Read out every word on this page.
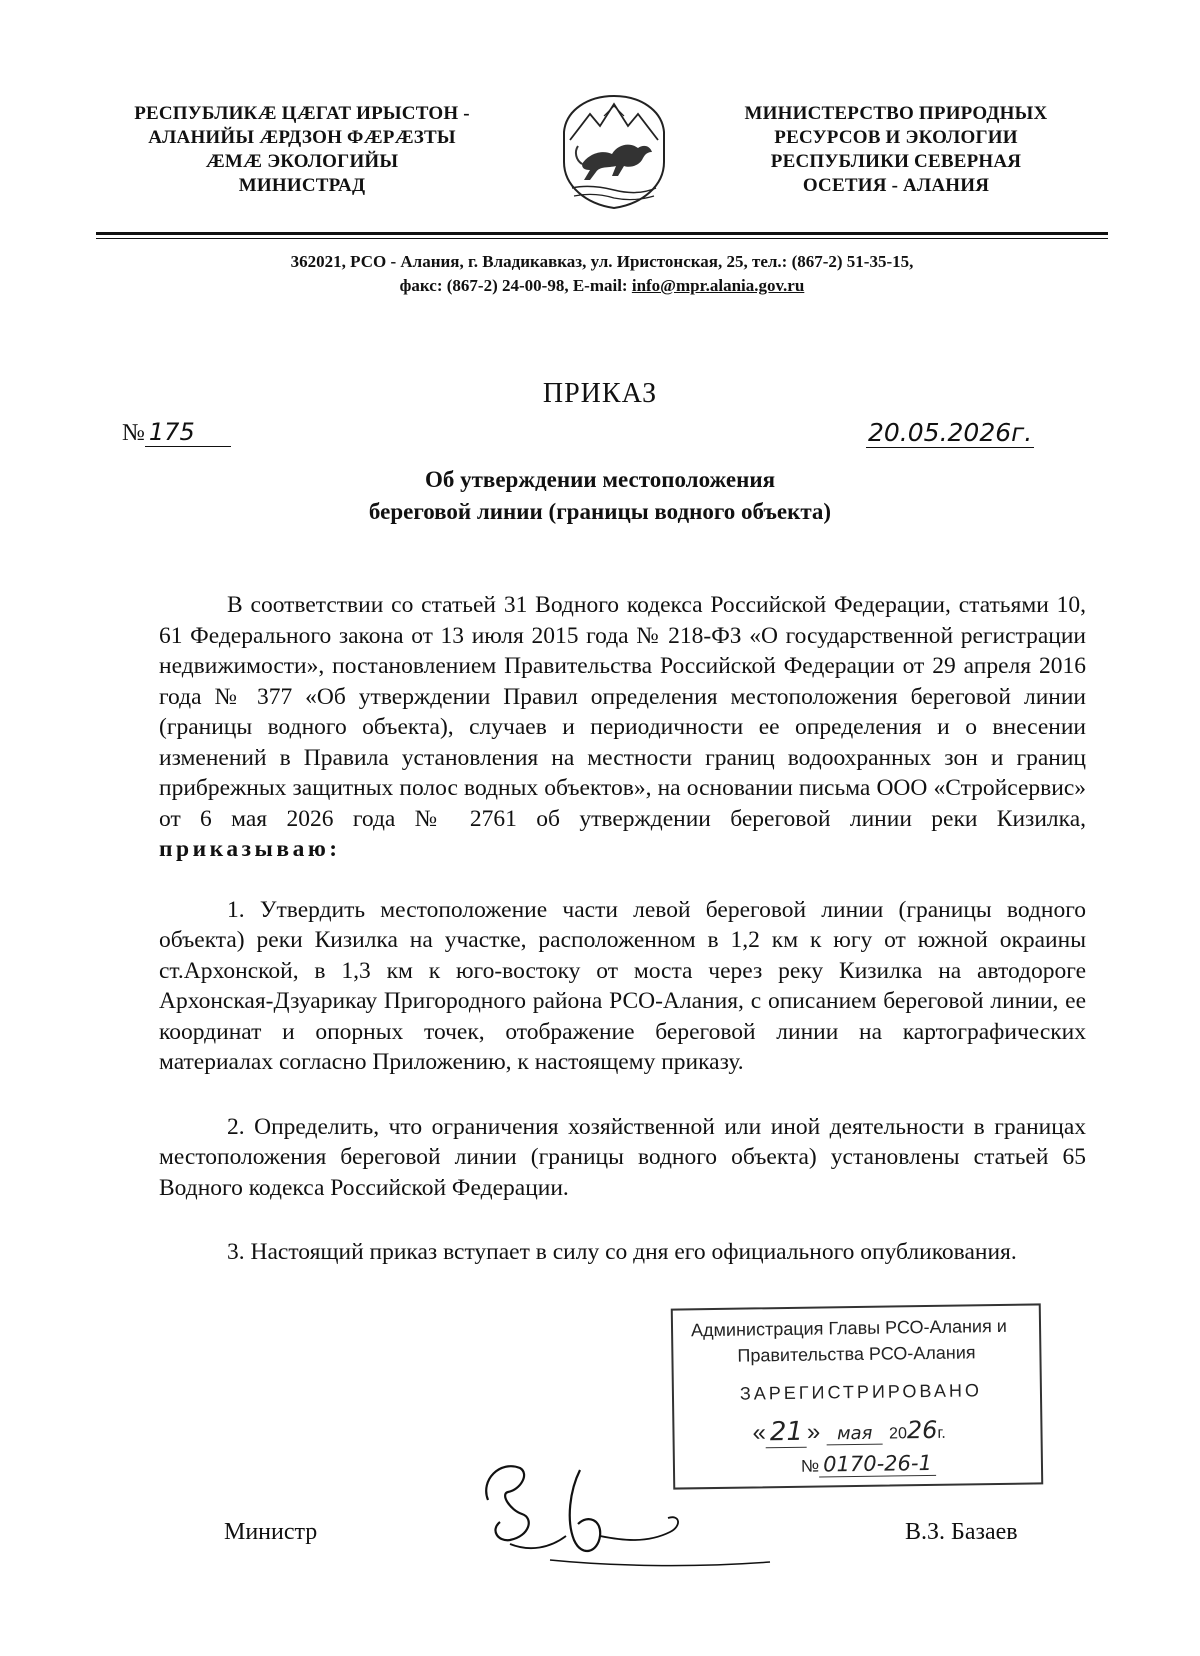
РЕСПУБЛИКÆ ЦÆГАТ ИРЫСТОН -
АЛАНИЙЫ ÆРДЗОН ФÆРÆЗТЫ
ÆМÆ ЭКОЛОГИЙЫ
МИНИСТРАД
МИНИСТЕРСТВО ПРИРОДНЫХ
РЕСУРСОВ И ЭКОЛОГИИ
РЕСПУБЛИКИ СЕВЕРНАЯ
ОСЕТИЯ - АЛАНИЯ
362021, РСО - Алания, г. Владикавказ, ул. Иристонская, 25, тел.: (867-2) 51-35-15,
факс: (867-2) 24-00-98, E-mail: info@mpr.alania.gov.ru
ПРИКАЗ
№ 175	20.05.2026г.
Об утверждении местоположения
береговой линии (границы водного объекта)

В соответствии со статьей 31 Водного кодекса Российской Федерации, статьями 10, 61 Федерального закона от 13 июля 2015 года № 218-ФЗ «О государственной регистрации недвижимости», постановлением Правительства Российской Федерации от 29 апреля 2016 года № 377 «Об утверждении Правил определения местоположения береговой линии (границы водного объекта), случаев и периодичности ее определения и о внесении изменений в Правила установления на местности границ водоохранных зон и границ прибрежных защитных полос водных объектов», на основании письма ООО «Стройсервис» от 6 мая 2026 года № 2761 об утверждении береговой линии реки Кизилка, приказываю:

1. Утвердить местоположение части левой береговой линии (границы водного объекта) реки Кизилка на участке, расположенном в 1,2 км к югу от южной окраины ст.Архонской, в 1,3 км к юго-востоку от моста через реку Кизилка на автодороге Архонская-Дзуарикау Пригородного района РСО-Алания, с описанием береговой линии, ее координат и опорных точек, отображение береговой линии на картографических материалах согласно Приложению, к настоящему приказу.

2. Определить, что ограничения хозяйственной или иной деятельности в границах местоположения береговой линии (границы водного объекта) установлены статьей 65 Водного кодекса Российской Федерации.

3. Настоящий приказ вступает в силу со дня его официального опубликования.

Администрация Главы РСО-Алания и
Правительства РСО-Алания
ЗАРЕГИСТРИРОВАНО
« 21 » мая 2026г.
№ 0170-26-1
Министр	В.З. Базаев
